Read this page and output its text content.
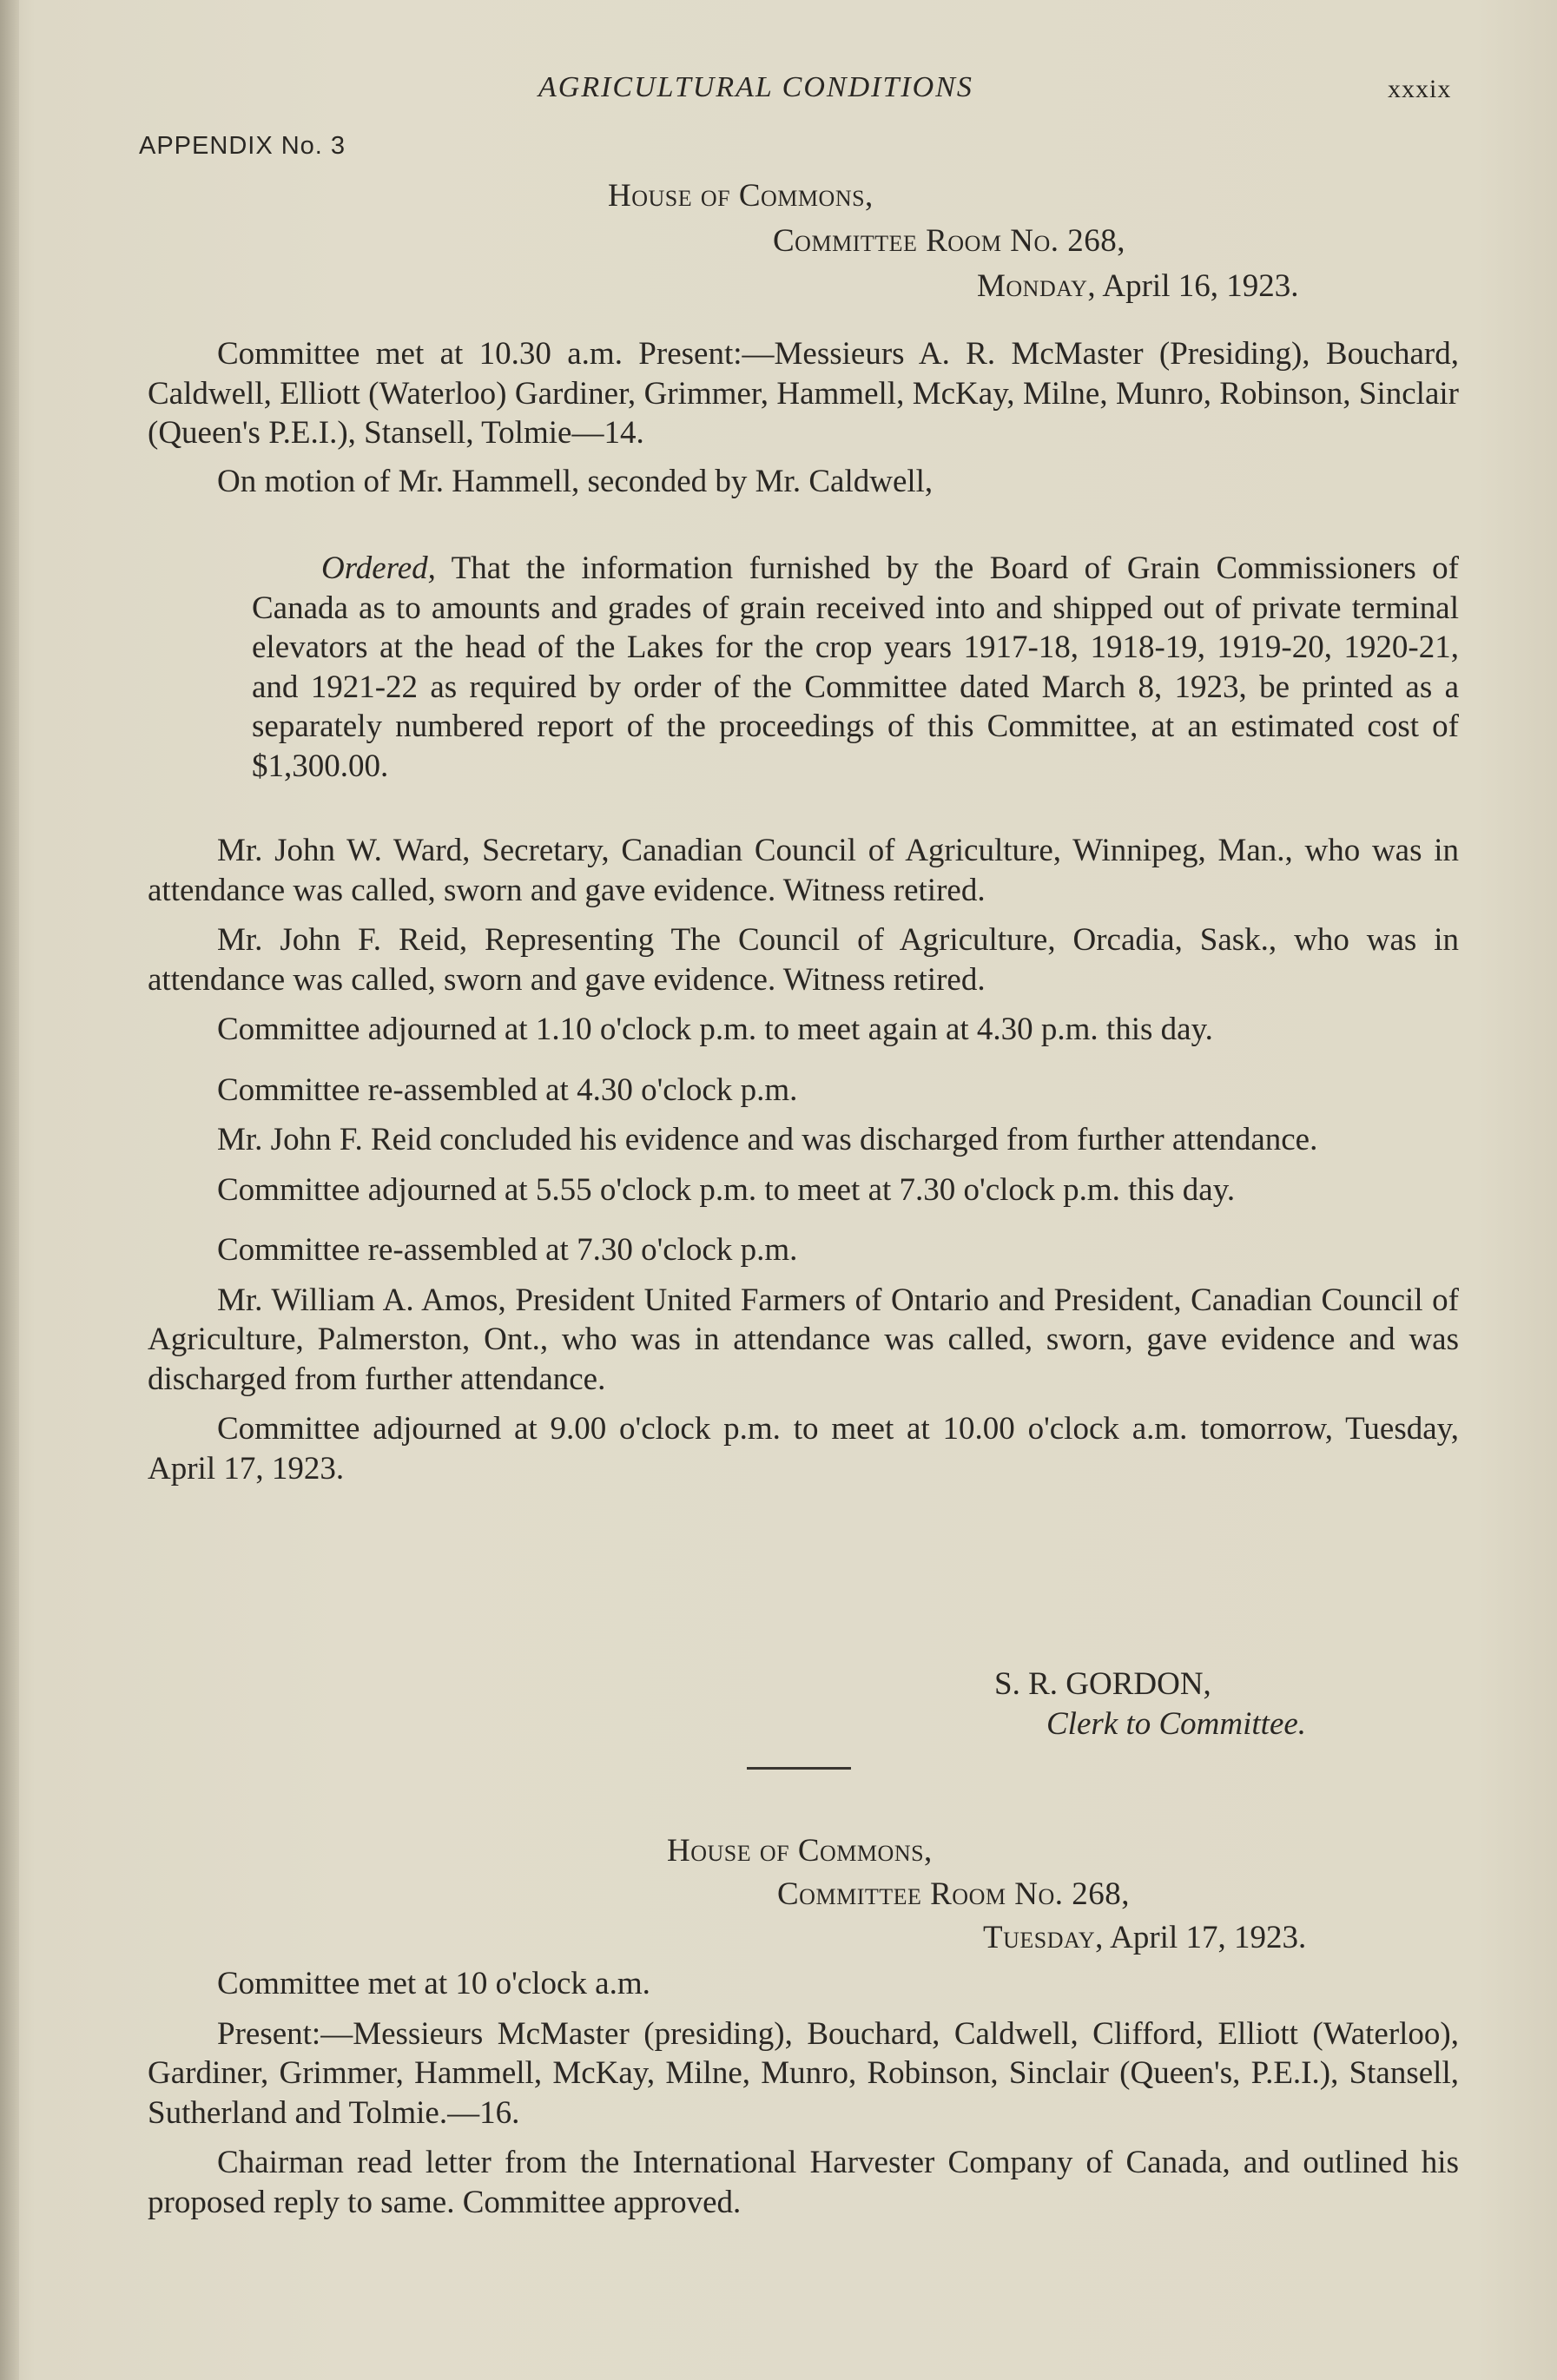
AGRICULTURAL CONDITIONS	xxxix
APPENDIX No. 3
House of Commons,
Committee Room No. 268,
Monday, April 16, 1923.

Committee met at 10.30 a.m. Present:—Messieurs A. R. McMaster (Presiding), Bouchard, Caldwell, Elliott (Waterloo) Gardiner, Grimmer, Hammell, McKay, Milne, Munro, Robinson, Sinclair (Queen's P.E.I.), Stansell, Tolmie—14.

On motion of Mr. Hammell, seconded by Mr. Caldwell,

Ordered, That the information furnished by the Board of Grain Commissioners of Canada as to amounts and grades of grain received into and shipped out of private terminal elevators at the head of the Lakes for the crop years 1917-18, 1918-19, 1919-20, 1920-21, and 1921-22 as required by order of the Committee dated March 8, 1923, be printed as a separately numbered report of the proceedings of this Committee, at an estimated cost of $1,300.00.

Mr. John W. Ward, Secretary, Canadian Council of Agriculture, Winnipeg, Man., who was in attendance was called, sworn and gave evidence. Witness retired.

Mr. John F. Reid, Representing The Council of Agriculture, Orcadia, Sask., who was in attendance was called, sworn and gave evidence. Witness retired.

Committee adjourned at 1.10 o'clock p.m. to meet again at 4.30 p.m. this day.

Committee re-assembled at 4.30 o'clock p.m.

Mr. John F. Reid concluded his evidence and was discharged from further attendance.

Committee adjourned at 5.55 o'clock p.m. to meet at 7.30 o'clock p.m. this day.

Committee re-assembled at 7.30 o'clock p.m.

Mr. William A. Amos, President United Farmers of Ontario and President, Canadian Council of Agriculture, Palmerston, Ont., who was in attendance was called, sworn, gave evidence and was discharged from further attendance.

Committee adjourned at 9.00 o'clock p.m. to meet at 10.00 o'clock a.m. tomorrow, Tuesday, April 17, 1923.

S. R. GORDON,
Clerk to Committee.
House of Commons,
Committee Room No. 268,
Tuesday, April 17, 1923.

Committee met at 10 o'clock a.m.

Present:—Messieurs McMaster (presiding), Bouchard, Caldwell, Clifford, Elliott (Waterloo), Gardiner, Grimmer, Hammell, McKay, Milne, Munro, Robinson, Sinclair (Queen's, P.E.I.), Stansell, Sutherland and Tolmie.—16.

Chairman read letter from the International Harvester Company of Canada, and outlined his proposed reply to same. Committee approved.
